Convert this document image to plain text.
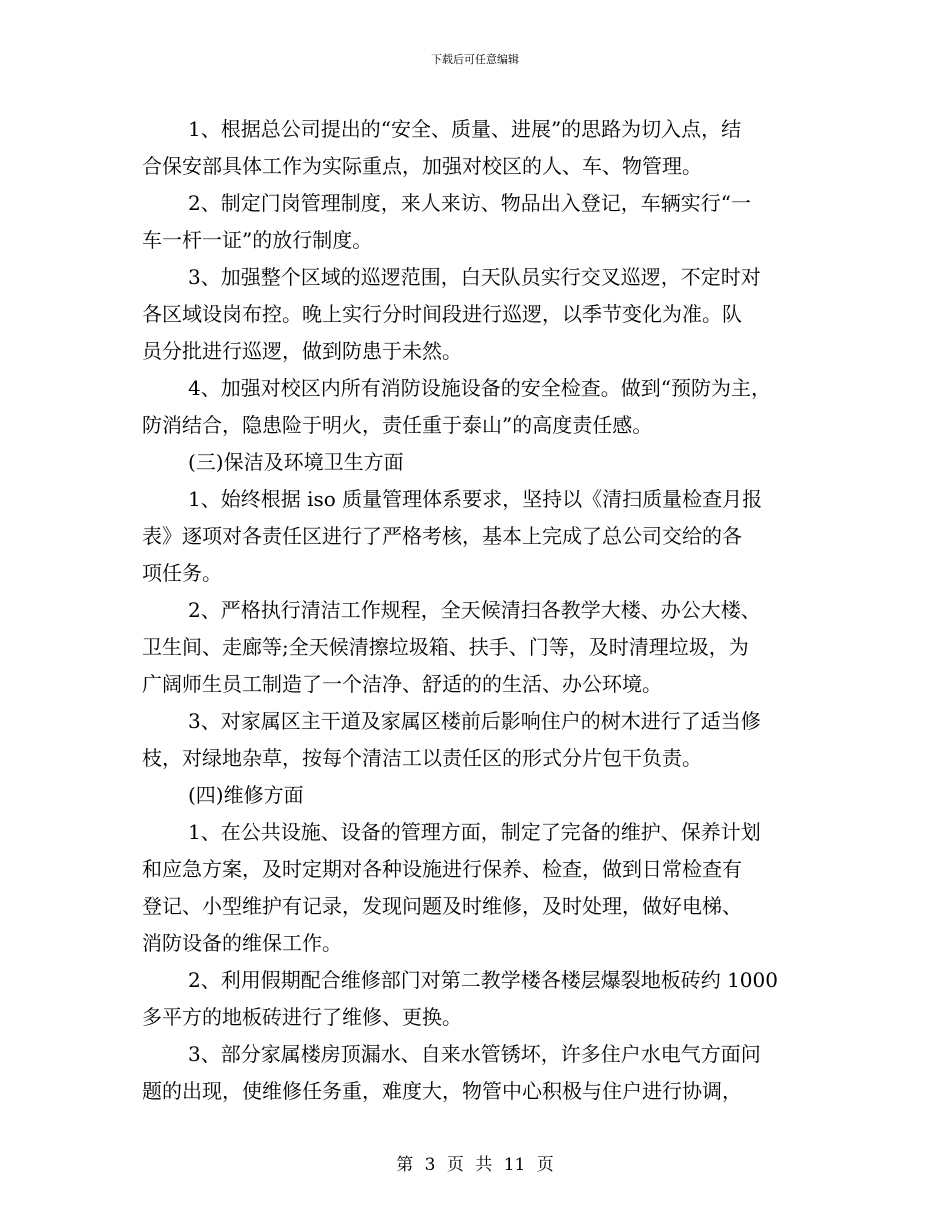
下载后可任意编辑
1、根据总公司提出的“安全、质量、进展”的思路为切入点，结
合保安部具体工作为实际重点，加强对校区的人、车、物管理。
2、制定门岗管理制度，来人来访、物品出入登记，车辆实行“一
车一杆一证”的放行制度。
3、加强整个区域的巡逻范围，白天队员实行交叉巡逻，不定时对
各区域设岗布控。晚上实行分时间段进行巡逻，以季节变化为准。队
员分批进行巡逻，做到防患于未然。
4、加强对校区内所有消防设施设备的安全检查。做到“预防为主，
防消结合，隐患险于明火，责任重于泰山”的高度责任感。
(三)保洁及环境卫生方面
1、始终根据 iso 质量管理体系要求，坚持以《清扫质量检查月报
表》逐项对各责任区进行了严格考核，基本上完成了总公司交给的各
项任务。
2、严格执行清洁工作规程，全天候清扫各教学大楼、办公大楼、
卫生间、走廊等;全天候清擦垃圾箱、扶手、门等，及时清理垃圾，为
广阔师生员工制造了一个洁净、舒适的的生活、办公环境。
3、对家属区主干道及家属区楼前后影响住户的树木进行了适当修
枝，对绿地杂草，按每个清洁工以责任区的形式分片包干负责。
(四)维修方面
1、在公共设施、设备的管理方面，制定了完备的维护、保养计划
和应急方案，及时定期对各种设施进行保养、检查，做到日常检查有
登记、小型维护有记录，发现问题及时维修，及时处理，做好电梯、
消防设备的维保工作。
2、利用假期配合维修部门对第二教学楼各楼层爆裂地板砖约 1000
多平方的地板砖进行了维修、更换。
3、部分家属楼房顶漏水、自来水管锈坏，许多住户水电气方面问
题的出现，使维修任务重，难度大，物管中心积极与住户进行协调，
第 3 页 共 11 页
